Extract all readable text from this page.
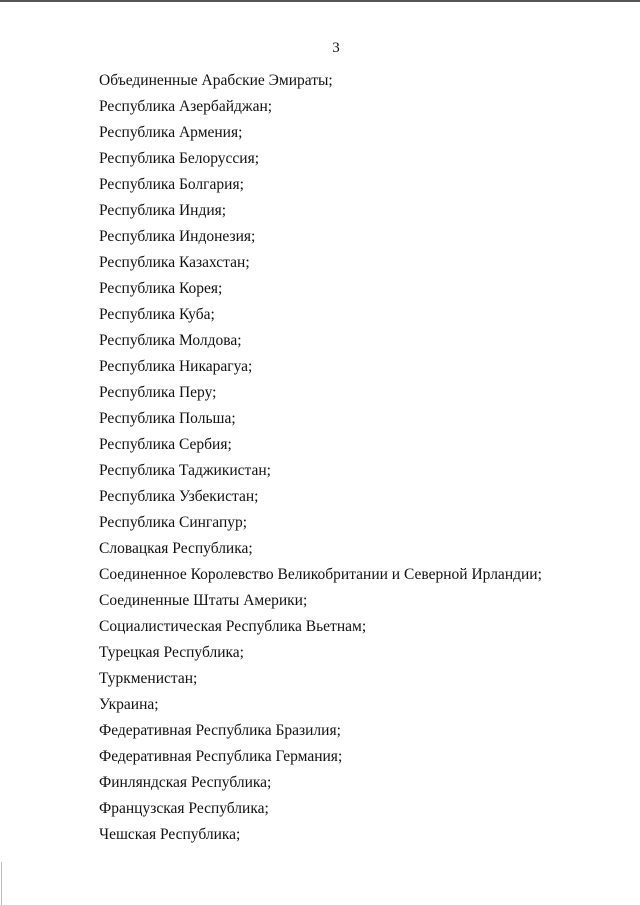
3
Объединенные Арабские Эмираты;
Республика Азербайджан;
Республика Армения;
Республика Белоруссия;
Республика Болгария;
Республика Индия;
Республика Индонезия;
Республика Казахстан;
Республика Корея;
Республика Куба;
Республика Молдова;
Республика Никарагуа;
Республика Перу;
Республика Польша;
Республика Сербия;
Республика Таджикистан;
Республика Узбекистан;
Республика Сингапур;
Словацкая Республика;
Соединенное Королевство Великобритании и Северной Ирландии;
Соединенные Штаты Америки;
Социалистическая Республика Вьетнам;
Турецкая Республика;
Туркменистан;
Украина;
Федеративная Республика Бразилия;
Федеративная Республика Германия;
Финляндская Республика;
Французская Республика;
Чешская Республика;
